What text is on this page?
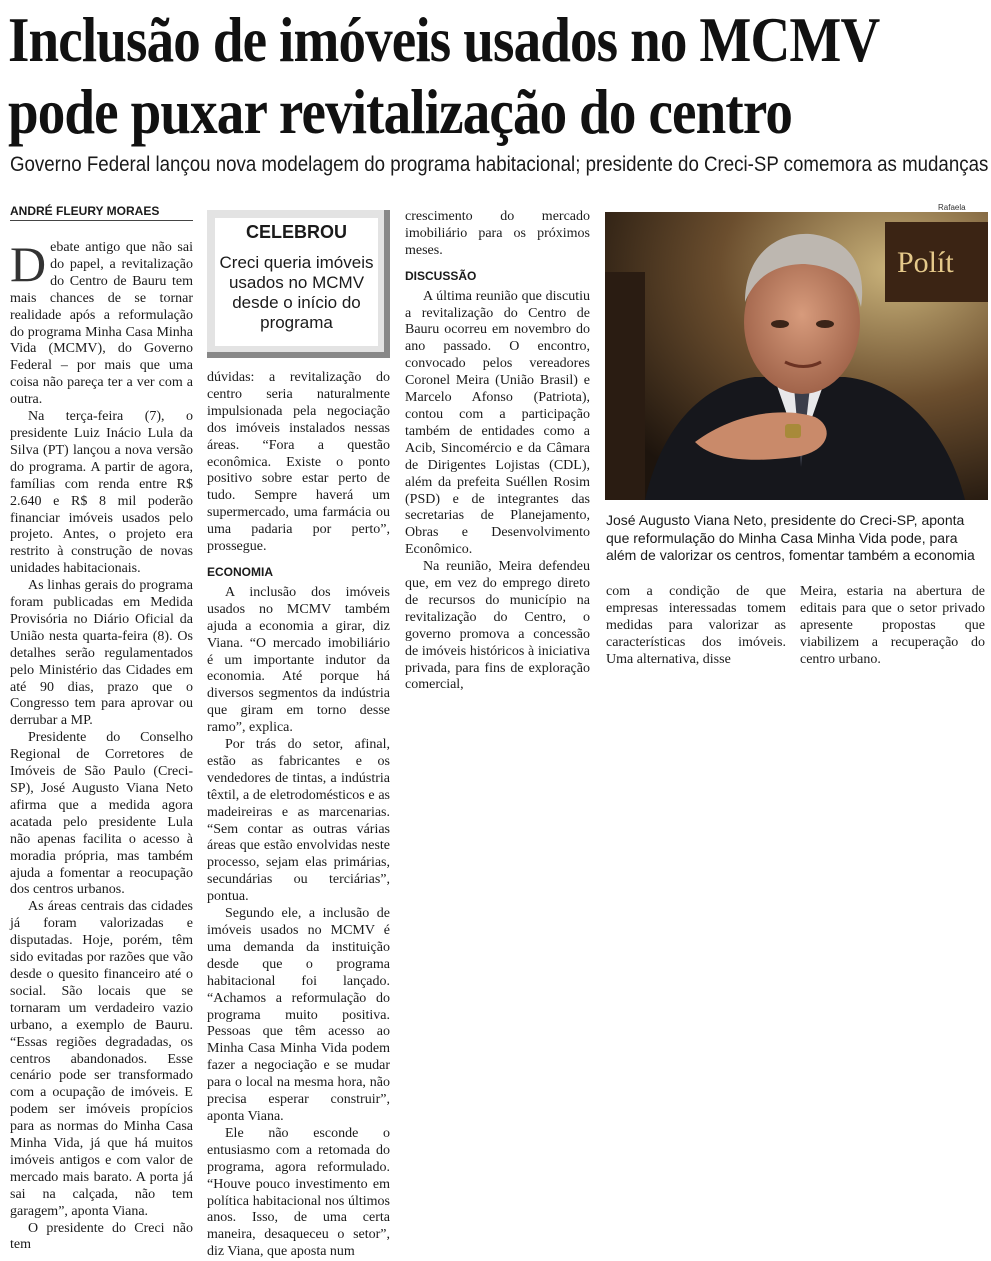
Inclusão de imóveis usados no MCMV
pode puxar revitalização do centro
Governo Federal lançou nova modelagem do programa habitacional; presidente do Creci-SP comemora as mudanças
ANDRÉ FLEURY MORAES
D ebate antigo que não sai do papel, a revitalização do Centro de Bauru tem mais chances de se tornar realidade após a reformulação do programa Minha Casa Minha Vida (MCMV), do Governo Federal – por mais que uma coisa não pareça ter a ver com a outra.

Na terça-feira (7), o presidente Luiz Inácio Lula da Silva (PT) lançou a nova versão do programa. A partir de agora, famílias com renda entre R$ 2.640 e R$ 8 mil poderão financiar imóveis usados pelo projeto. Antes, o projeto era restrito à construção de novas unidades habitacionais.

As linhas gerais do programa foram publicadas em Medida Provisória no Diário Oficial da União nesta quarta-feira (8). Os detalhes serão regulamentados pelo Ministério das Cidades em até 90 dias, prazo que o Congresso tem para aprovar ou derrubar a MP.

Presidente do Conselho Regional de Corretores de Imóveis de São Paulo (Creci-SP), José Augusto Viana Neto afirma que a medida agora acatada pelo presidente Lula não apenas facilita o acesso à moradia própria, mas também ajuda a fomentar a reocupação dos centros urbanos.

As áreas centrais das cidades já foram valorizadas e disputadas. Hoje, porém, têm sido evitadas por razões que vão desde o quesito financeiro até o social. São locais que se tornaram um verdadeiro vazio urbano, a exemplo de Bauru. “Essas regiões degradadas, os centros abandonados. Esse cenário pode ser transformado com a ocupação de imóveis. E podem ser imóveis propícios para as normas do Minha Casa Minha Vida, já que há muitos imóveis antigos e com valor de mercado mais barato. A porta já sai na calçada, não tem garagem”, aponta Viana.

O presidente do Creci não tem

CELEBROU
Creci queria imóveis usados no MCMV desde o início do programa

dúvidas: a revitalização do centro seria naturalmente impulsionada pela negociação dos imóveis instalados nessas áreas. “Fora a questão econômica. Existe o ponto positivo sobre estar perto de tudo. Sempre haverá um supermercado, uma farmácia ou uma padaria por perto”, prossegue.

ECONOMIA

A inclusão dos imóveis usados no MCMV também ajuda a economia a girar, diz Viana. “O mercado imobiliário é um importante indutor da economia. Até porque há diversos segmentos da indústria que giram em torno desse ramo”, explica.

Por trás do setor, afinal, estão as fabricantes e os vendedores de tintas, a indústria têxtil, a de eletrodomésticos e as madeireiras e as marcenarias. “Sem contar as outras várias áreas que estão envolvidas neste processo, sejam elas primárias, secundárias ou terciárias”, pontua.

Segundo ele, a inclusão de imóveis usados no MCMV é uma demanda da instituição desde que o programa habitacional foi lançado. “Achamos a reformulação do programa muito positiva. Pessoas que têm acesso ao Minha Casa Minha Vida podem fazer a negociação e se mudar para o local na mesma hora, não precisa esperar construir”, aponta Viana.

Ele não esconde o entusiasmo com a retomada do programa, agora reformulado. “Houve pouco investimento em política habitacional nos últimos anos. Isso, de uma certa maneira, desaqueceu o setor”, diz Viana, que aposta num

crescimento do mercado imobiliário para os próximos meses.

DISCUSSÃO

A última reunião que discutiu a revitalização do Centro de Bauru ocorreu em novembro do ano passado. O encontro, convocado pelos vereadores Coronel Meira (União Brasil) e Marcelo Afonso (Patriota), contou com a participação também de entidades como a Acib, Sincomércio e da Câmara de Dirigentes Lojistas (CDL), além da prefeita Suéllen Rosim (PSD) e de integrantes das secretarias de Planejamento, Obras e Desenvolvimento Econômico.

Na reunião, Meira defendeu que, em vez do emprego direto de recursos do município na revitalização do Centro, o governo promova a concessão de imóveis históricos à iniciativa privada, para fins de exploração comercial,

Rafaela
Polít
José Augusto Viana Neto, presidente do Creci-SP, aponta que reformulação do Minha Casa Minha Vida pode, para além de valorizar os centros, fomentar também a economia

com a condição de que empresas interessadas tomem medidas para valorizar as características dos imóveis. Uma alternativa, disse

Meira, estaria na abertura de editais para que o setor privado apresente propostas que viabilizem a recuperação do centro urbano.
